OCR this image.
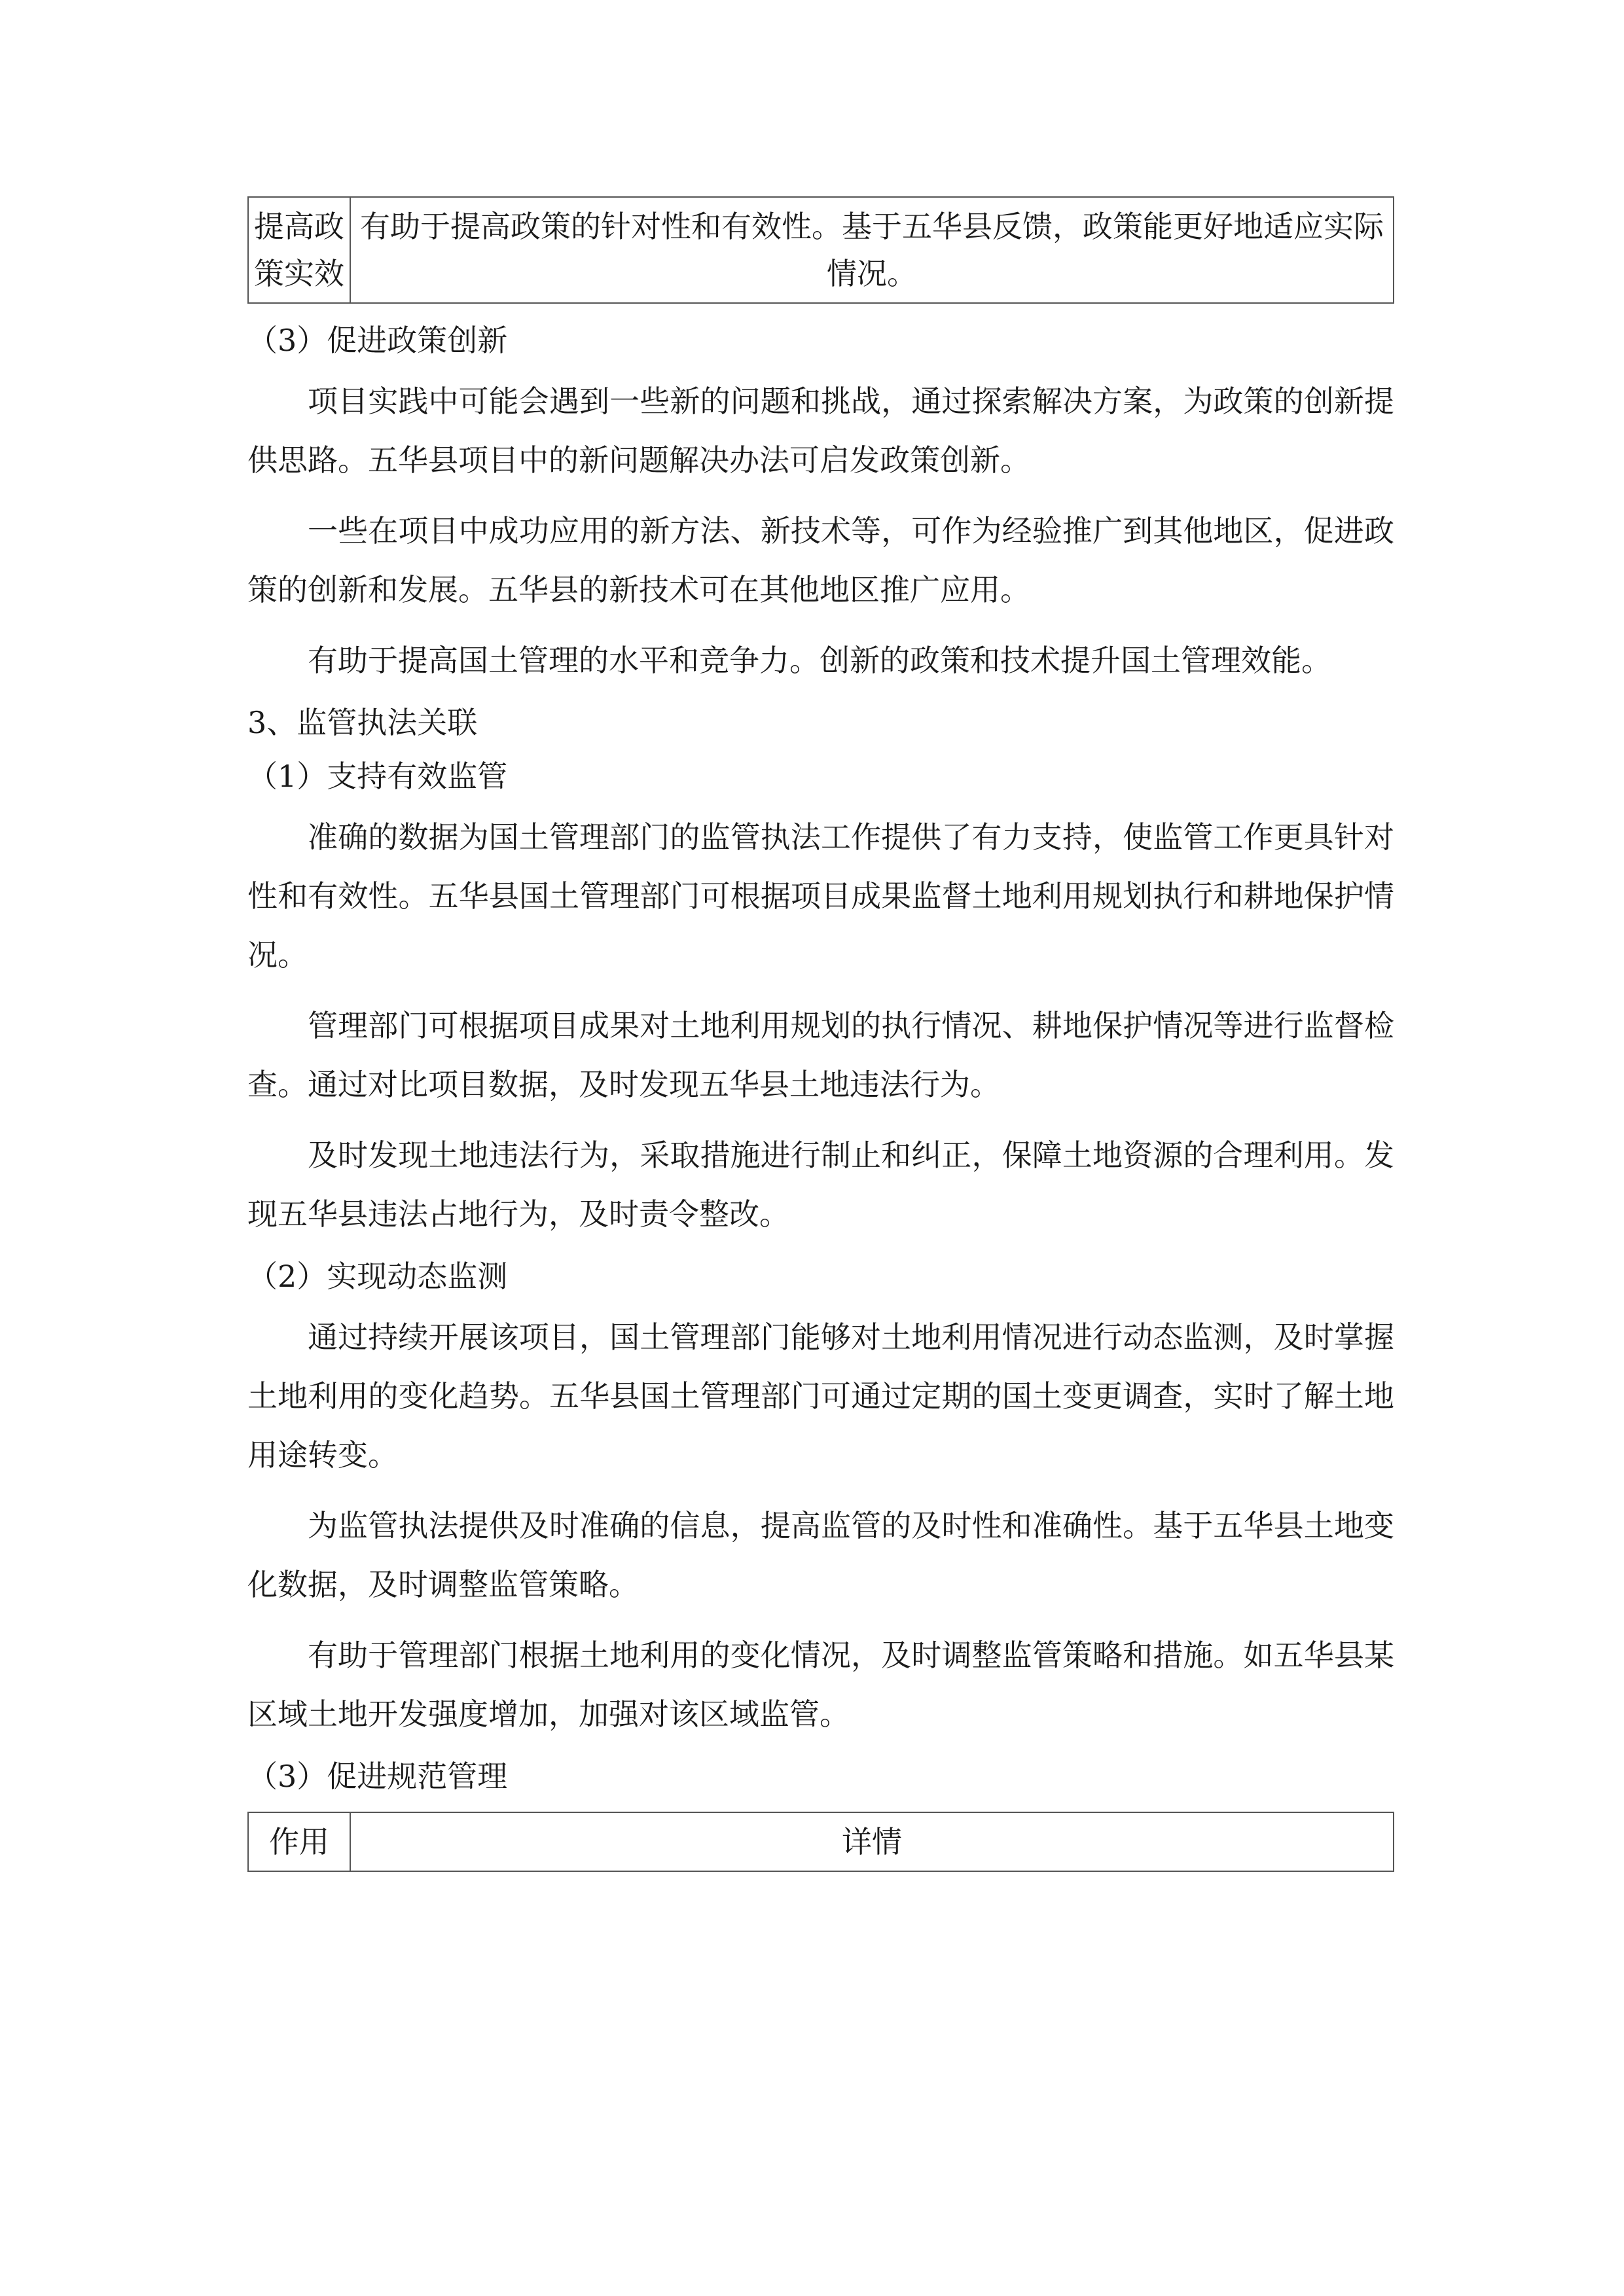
提高政策实效	有助于提高政策的针对性和有效性。基于五华县反馈，政策能更好地适应实际情况。
（3）促进政策创新
项目实践中可能会遇到一些新的问题和挑战，通过探索解决方案，为政策的创新提供思路。五华县项目中的新问题解决办法可启发政策创新。
一些在项目中成功应用的新方法、新技术等，可作为经验推广到其他地区，促进政策的创新和发展。五华县的新技术可在其他地区推广应用。
有助于提高国土管理的水平和竞争力。创新的政策和技术提升国土管理效能。
3、监管执法关联
（1）支持有效监管
准确的数据为国土管理部门的监管执法工作提供了有力支持，使监管工作更具针对性和有效性。五华县国土管理部门可根据项目成果监督土地利用规划执行和耕地保护情况。
管理部门可根据项目成果对土地利用规划的执行情况、耕地保护情况等进行监督检查。通过对比项目数据，及时发现五华县土地违法行为。
及时发现土地违法行为，采取措施进行制止和纠正，保障土地资源的合理利用。发现五华县违法占地行为，及时责令整改。
（2）实现动态监测
通过持续开展该项目，国土管理部门能够对土地利用情况进行动态监测，及时掌握土地利用的变化趋势。五华县国土管理部门可通过定期的国土变更调查，实时了解土地用途转变。
为监管执法提供及时准确的信息，提高监管的及时性和准确性。基于五华县土地变化数据，及时调整监管策略。
有助于管理部门根据土地利用的变化情况，及时调整监管策略和措施。如五华县某区域土地开发强度增加，加强对该区域监管。
（3）促进规范管理
作用	详情
